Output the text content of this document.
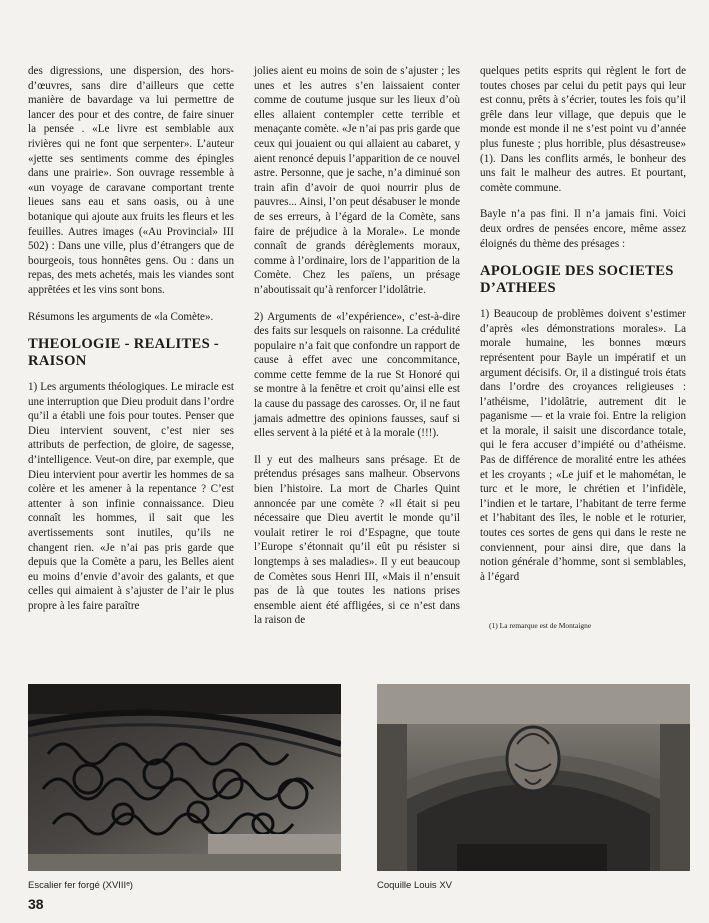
des digressions, une dispersion, des hors-d’œuvres, sans dire d’ailleurs que cette manière de bavardage va lui permettre de lancer des pour et des contre, de faire sinuer la pensée . «Le livre est semblable aux rivières qui ne font que serpenter». L’auteur «jette ses sentiments comme des épingles dans une prairie». Son ouvrage ressemble à «un voyage de caravane comportant trente lieues sans eau et sans oasis, ou à une botanique qui ajoute aux fruits les fleurs et les feuilles. Autres images («Au Provincial» III 502) : Dans une ville, plus d’étrangers que de bourgeois, tous honnêtes gens. Ou : dans un repas, des mets achetés, mais les viandes sont apprêtées et les vins sont bons.

Résumons les arguments de «la Comète».

THEOLOGIE - REALITES - RAISON

1) Les arguments théologiques. Le miracle est une interruption que Dieu produit dans l’ordre qu’il a établi une fois pour toutes. Penser que Dieu intervient souvent, c’est nier ses attributs de perfection, de gloire, de sagesse, d’intelligence. Veut-on dire, par exemple, que Dieu intervient pour avertir les hommes de sa colère et les amener à la repentance ? C’est attenter à son infinie connaissance. Dieu connaît les hommes, il sait que les avertissements sont inutiles, qu’ils ne changent rien. «Je n’ai pas pris garde que depuis que la Comète a paru, les Belles aient eu moins d’envie d’avoir des galants, et que celles qui aimaient à s’ajuster de l’air le plus propre à les faire paraître

jolies aient eu moins de soin de s’ajuster ; les unes et les autres s’en laissaient conter comme de coutume jusque sur les lieux d’où elles allaient contempler cette terrible et menaçante comète. «Je n’ai pas pris garde que ceux qui jouaient ou qui allaient au cabaret, y aient renoncé depuis l’apparition de ce nouvel astre. Personne, que je sache, n’a diminué son train afin d’avoir de quoi nourrir plus de pauvres... Ainsi, l’on peut désabuser le monde de ses erreurs, à l’égard de la Comète, sans faire de préjudice à la Morale». Le monde connaît de grands dérèglements moraux, comme à l’ordinaire, lors de l’apparition de la Comète. Chez les païens, un présage n’aboutissait qu’à renforcer l’idolâtrie.

2) Arguments de «l’expérience», c’est-à-dire des faits sur lesquels on raisonne. La crédulité populaire n’a fait que confondre un rapport de cause à effet avec une concommitance, comme cette femme de la rue St Honoré qui se montre à la fenêtre et croit qu’ainsi elle est la cause du passage des carosses. Or, il ne faut jamais admettre des opinions fausses, sauf si elles servent à la piété et à la morale (!!!).

Il y eut des malheurs sans présage. Et de prétendus présages sans malheur. Observons bien l’histoire. La mort de Charles Quint annoncée par une comète ? «Il était si peu nécessaire que Dieu avertit le monde qu’il voulait retirer le roi d’Espagne, que toute l’Europe s’étonnait qu’il eût pu résister si longtemps à ses maladies». Il y eut beaucoup de Comètes sous Henri III, «Mais il n’ensuit pas de là que toutes les nations prises ensemble aient été affligées, si ce n’est dans la raison de

quelques petits esprits qui règlent le fort de toutes choses par celui du petit pays qui leur est connu, prêts à s’écrier, toutes les fois qu’il grêle dans leur village, que depuis que le monde est monde il ne s’est point vu d’année plus funeste ; plus horrible, plus désastreuse» (1). Dans les conflits armés, le bonheur des uns fait le malheur des autres. Et pourtant, comète commune.

Bayle n’a pas fini. Il n’a jamais fini. Voici deux ordres de pensées encore, même assez éloignés du thème des présages :

APOLOGIE DES SOCIETES D’ATHEES

1) Beaucoup de problèmes doivent s’estimer d’après «les démonstrations morales». La morale humaine, les bonnes mœurs représentent pour Bayle un impératif et un argument décisifs. Or, il a distingué trois états dans l’ordre des croyances religieuses : l’athéisme, l’idolâtrie, autrement dit le paganisme — et la vraie foi. Entre la religion et la morale, il saisit une discordance totale, qui le fera accuser d’impiété ou d’athéisme. Pas de différence de moralité entre les athées et les croyants ; «Le juif et le mahométan, le turc et le more, le chrétien et l’infidèle, l’indien et le tartare, l’habitant de terre ferme et l’habitant des îles, le noble et le roturier, toutes ces sortes de gens qui dans le reste ne conviennent, pour ainsi dire, que dans la notion générale d’homme, sont si semblables, à l’égard

(1) La remarque est de Montaigne
Escalier fer forgé (XVIIIᵉ)	Coquille Louis XV
38
